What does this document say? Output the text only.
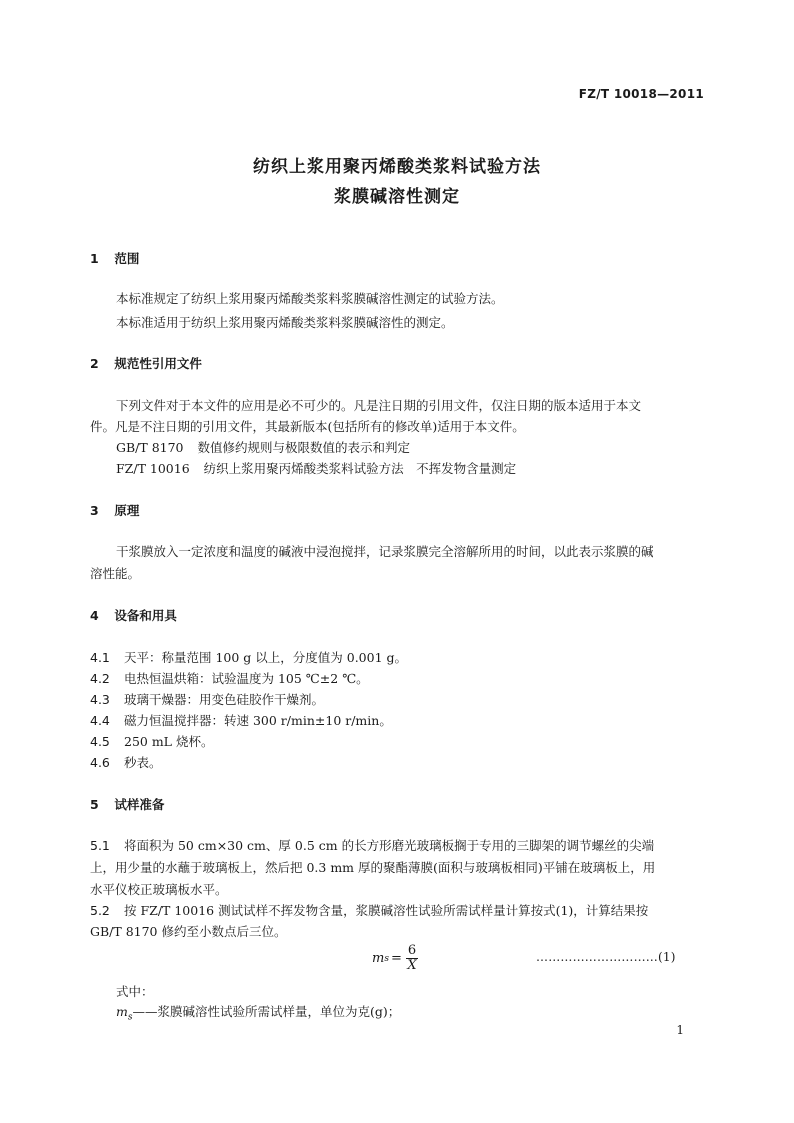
FZ/T 10018—2011
纺织上浆用聚丙烯酸类浆料试验方法
浆膜碱溶性测定
1 范围
本标准规定了纺织上浆用聚丙烯酸类浆料浆膜碱溶性测定的试验方法。
本标准适用于纺织上浆用聚丙烯酸类浆料浆膜碱溶性的测定。
2 规范性引用文件
下列文件对于本文件的应用是必不可少的。凡是注日期的引用文件，仅注日期的版本适用于本文
件。凡是不注日期的引用文件，其最新版本(包括所有的修改单)适用于本文件。
GB/T 8170 数值修约规则与极限数值的表示和判定
FZ/T 10016 纺织上浆用聚丙烯酸类浆料试验方法　不挥发物含量测定
3 原理
干浆膜放入一定浓度和温度的碱液中浸泡搅拌，记录浆膜完全溶解所用的时间，以此表示浆膜的碱
溶性能。
4 设备和用具
4.1 天平：称量范围 100 g 以上，分度值为 0.001 g。
4.2 电热恒温烘箱：试验温度为 105 ℃±2 ℃。
4.3 玻璃干燥器：用变色硅胶作干燥剂。
4.4 磁力恒温搅拌器：转速 300 r/min±10 r/min。
4.5 250 mL 烧杯。
4.6 秒表。
5 试样准备
5.1 将面积为 50 cm×30 cm、厚 0.5 cm 的长方形磨光玻璃板搁于专用的三脚架的调节螺丝的尖端
上，用少量的水蘸于玻璃板上，然后把 0.3 mm 厚的聚酯薄膜(面积与玻璃板相同)平铺在玻璃板上，用
水平仪校正玻璃板水平。
5.2 按 FZ/T 10016 测试试样不挥发物含量，浆膜碱溶性试验所需试样量计算按式(1)，计算结果按
GB/T 8170 修约至小数点后三位。
m $s = \frac{6}{X}$	…………………………(1)
式中：
$m_s——$浆膜碱溶性试验所需试样量，单位为克(g)；
1
